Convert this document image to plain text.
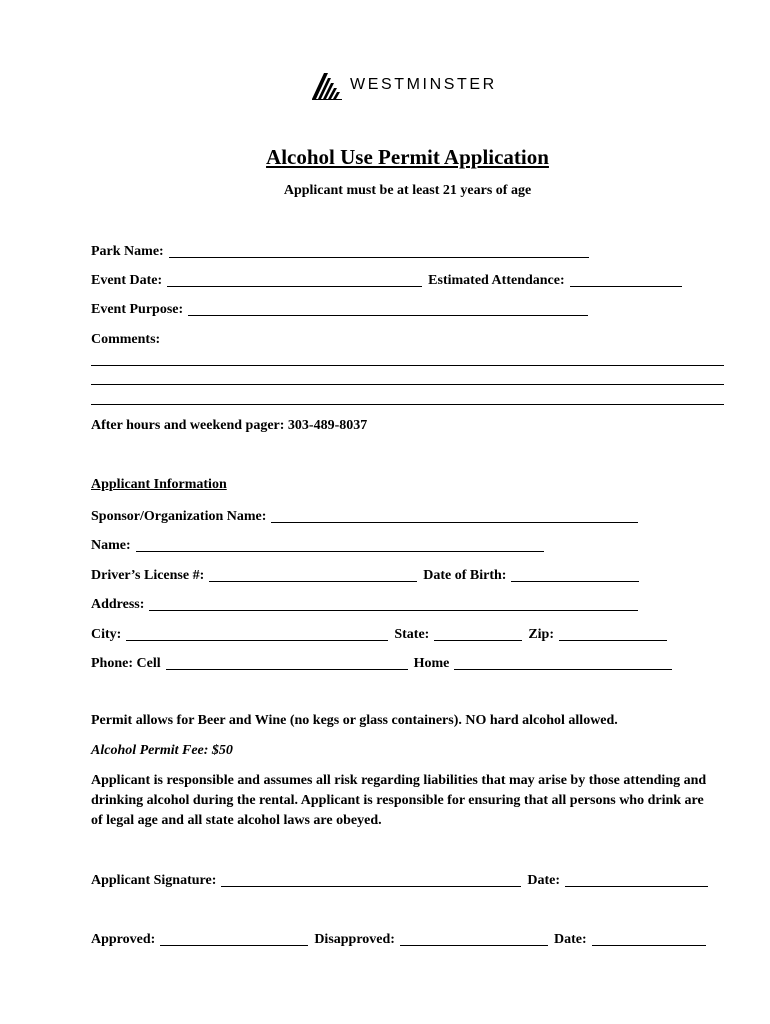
WESTMINSTER
Alcohol Use Permit Application
Applicant must be at least 21 years of age
Park Name:
Event Date:	Estimated Attendance:
Event Purpose:
Comments:
After hours and weekend pager: 303-489-8037
Applicant Information
Sponsor/Organization Name:
Name:
Driver’s License #:	Date of Birth:
Address:
City:	State:	Zip:
Phone: Cell	Home
Permit allows for Beer and Wine (no kegs or glass containers). NO hard alcohol allowed.
Alcohol Permit Fee: $50
Applicant is responsible and assumes all risk regarding liabilities that may arise by those attending and drinking alcohol during the rental. Applicant is responsible for ensuring that all persons who drink are of legal age and all state alcohol laws are obeyed.
Applicant Signature:	Date:
Approved:	Disapproved:	Date:
